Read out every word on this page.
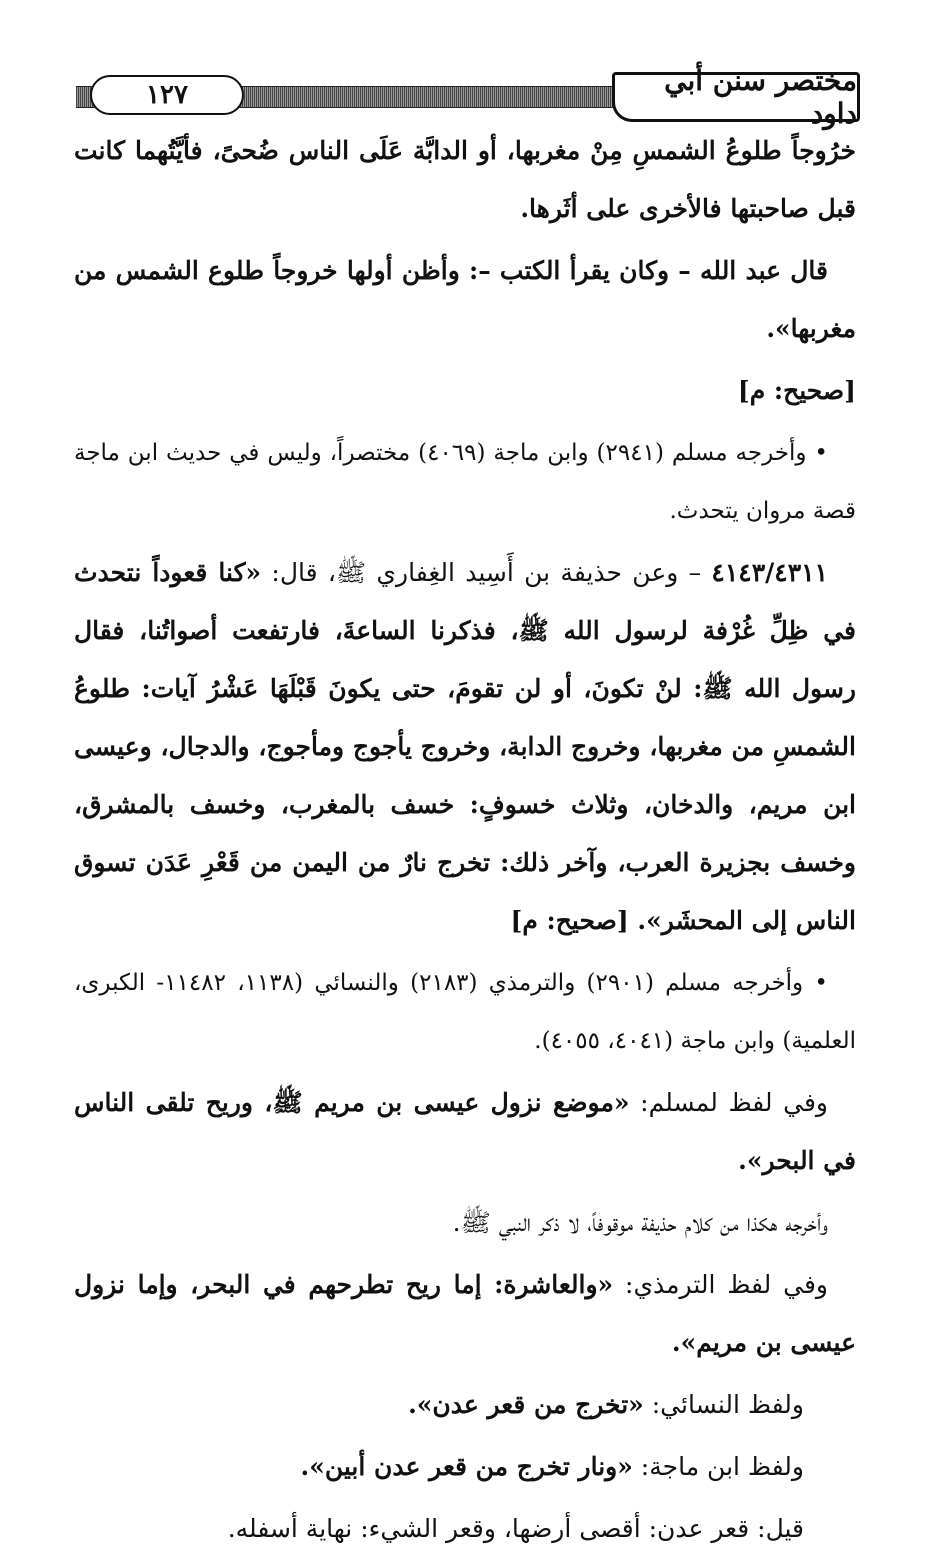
١٢٧	مختصر سنن أبي داود

خرُوجاً طلوعُ الشمسِ مِنْ مغربها، أو الدابَّة عَلَى الناس ضُحىً، فأيَّتُهما كانت قبل صاحبتها فالأخرى على أثَرها.

قال عبد الله – وكان يقرأ الكتب –: وأظن أولها خروجاً طلوع الشمس من مغربها».

[صحيح: م]

• وأخرجه مسلم (٢٩٤١) وابن ماجة (٤٠٦٩) مختصراً، وليس في حديث ابن ماجة قصة مروان يتحدث.

٤١٤٣/٤٣١١ – وعن حذيفة بن أَسِيد الغِفاري ﷺ، قال: «كنا قعوداً نتحدث في ظِلِّ غُرْفة لرسول الله ﷺ، فذكرنا الساعةَ، فارتفعت أصواتُنا، فقال رسول الله ﷺ: لنْ تكونَ، أو لن تقومَ، حتى يكونَ قَبْلَهَا عَشْرُ آيات: طلوعُ الشمسِ من مغربها، وخروج الدابة، وخروج يأجوج ومأجوج، والدجال، وعيسى ابن مريم، والدخان، وثلاث خسوفٍ: خسف بالمغرب، وخسف بالمشرق، وخسف بجزيرة العرب، وآخر ذلك: تخرج نارٌ من اليمن من قَعْرِ عَدَن تسوق الناس إلى المحشَر». [صحيح: م]

• وأخرجه مسلم (٢٩٠١) والترمذي (٢١٨٣) والنسائي (١١٣٨، ١١٤٨٢- الكبرى، العلمية) وابن ماجة (٤٠٤١، ٤٠٥٥).

وفي لفظ لمسلم: «موضع نزول عيسى بن مريم ﷺ، وريح تلقى الناس في البحر».

وأخرجه هكذا من كلام حذيفة موقوفاً، لا ذكر النبي ﷺ.

وفي لفظ الترمذي: «والعاشرة: إما ريح تطرحهم في البحر، وإما نزول عيسى بن مريم».

ولفظ النسائي: «تخرج من قعر عدن».

ولفظ ابن ماجة: «ونار تخرج من قعر عدن أبين».

قيل: قعر عدن: أقصى أرضها، وقعر الشيء: نهاية أسفله.
